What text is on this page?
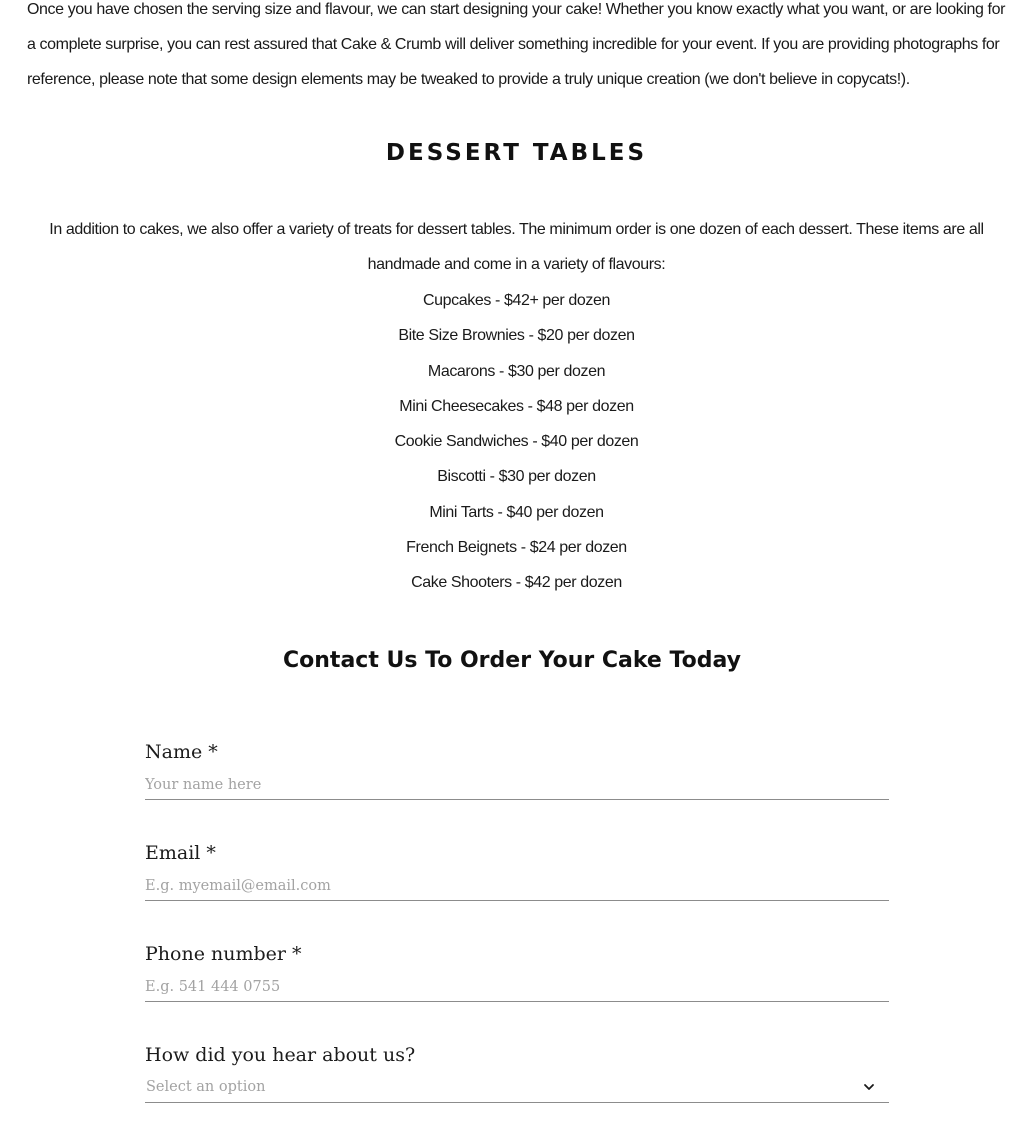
Once you have chosen the serving size and flavour, we can start designing your cake! Whether you know exactly what you want, or are looking for a complete surprise, you can rest assured that Cake & Crumb will deliver something incredible for your event. If you are providing photographs for reference, please note that some design elements may be tweaked to provide a truly unique creation (we don't believe in copycats!).

DESSERT TABLES

In addition to cakes, we also offer a variety of treats for dessert tables. The minimum order is one dozen of each dessert. These items are all handmade and come in a variety of flavours:

Cupcakes - $42+ per dozen
Bite Size Brownies - $20 per dozen
Macarons - $30 per dozen
Mini Cheesecakes - $48 per dozen
Cookie Sandwiches - $40 per dozen
Biscotti - $30 per dozen
Mini Tarts - $40 per dozen
French Beignets - $24 per dozen
Cake Shooters - $42 per dozen
Contact Us To Order Your Cake Today
Name *
Your name here
Email *
E.g. myemail@email.com
Phone number *
E.g. 541 444 0755
How did you hear about us?
Select an option
